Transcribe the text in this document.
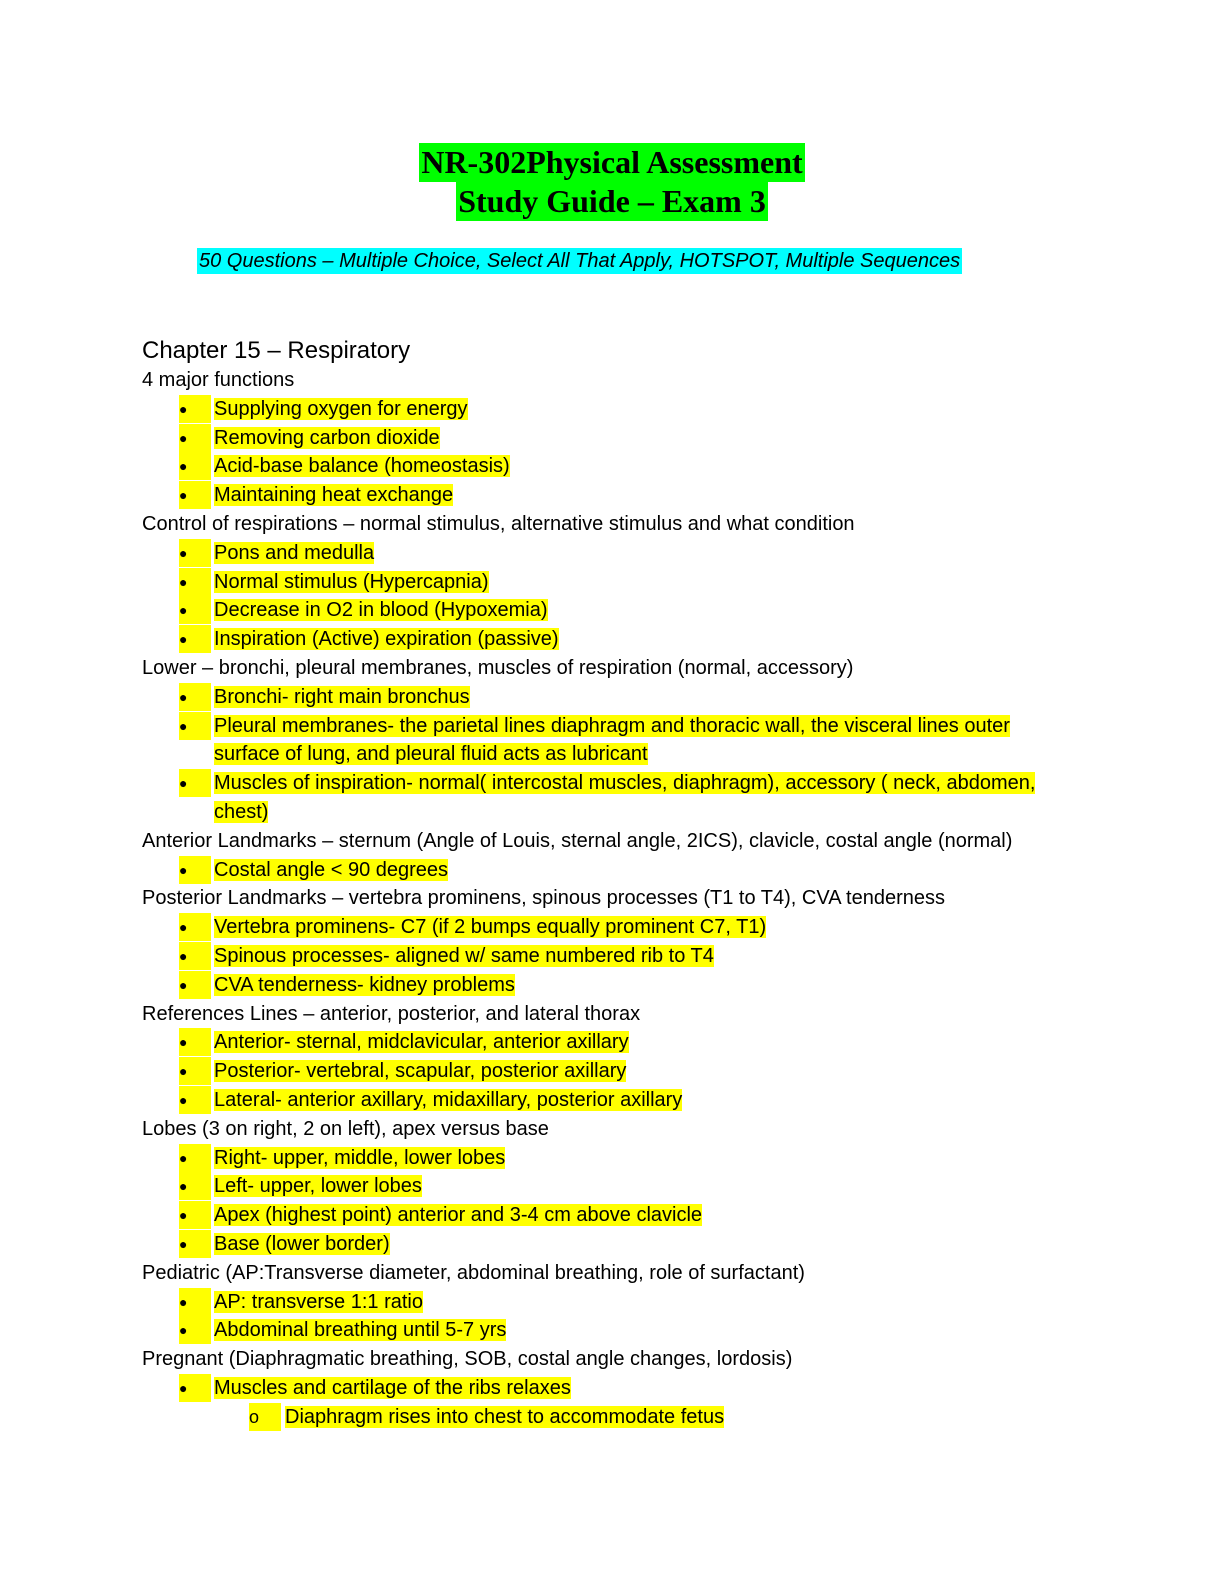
NR-302Physical Assessment
Study Guide – Exam 3
50 Questions – Multiple Choice, Select All That Apply, HOTSPOT, Multiple Sequences
Chapter 15 – Respiratory
4 major functions
●	Supplying oxygen for energy
●	Removing carbon dioxide
●	Acid-base balance (homeostasis)
●	Maintaining heat exchange
Control of respirations – normal stimulus, alternative stimulus and what condition
●	Pons and medulla
●	Normal stimulus (Hypercapnia)
●	Decrease in O2 in blood (Hypoxemia)
●	Inspiration (Active) expiration (passive)
Lower – bronchi, pleural membranes, muscles of respiration (normal, accessory)
●	Bronchi- right main bronchus
●	Pleural membranes- the parietal lines diaphragm and thoracic wall, the visceral lines outer surface of lung, and pleural fluid acts as lubricant
●	Muscles of inspiration- normal( intercostal muscles, diaphragm), accessory ( neck, abdomen, chest)
Anterior Landmarks – sternum (Angle of Louis, sternal angle, 2ICS), clavicle, costal angle (normal)
●	Costal angle < 90 degrees
Posterior Landmarks – vertebra prominens, spinous processes (T1 to T4), CVA tenderness
●	Vertebra prominens- C7 (if 2 bumps equally prominent C7, T1)
●	Spinous processes- aligned w/ same numbered rib to T4
●	CVA tenderness- kidney problems
References Lines – anterior, posterior, and lateral thorax
●	Anterior- sternal, midclavicular, anterior axillary
●	Posterior- vertebral, scapular, posterior axillary
●	Lateral- anterior axillary, midaxillary, posterior axillary
Lobes (3 on right, 2 on left), apex versus base
●	Right- upper, middle, lower lobes
●	Left- upper, lower lobes
●	Apex (highest point) anterior and 3-4 cm above clavicle
●	Base (lower border)
Pediatric (AP:Transverse diameter, abdominal breathing, role of surfactant)
●	AP: transverse 1:1 ratio
●	Abdominal breathing until 5-7 yrs
Pregnant (Diaphragmatic breathing, SOB, costal angle changes, lordosis)
●	Muscles and cartilage of the ribs relaxes
o	Diaphragm rises into chest to accommodate fetus
